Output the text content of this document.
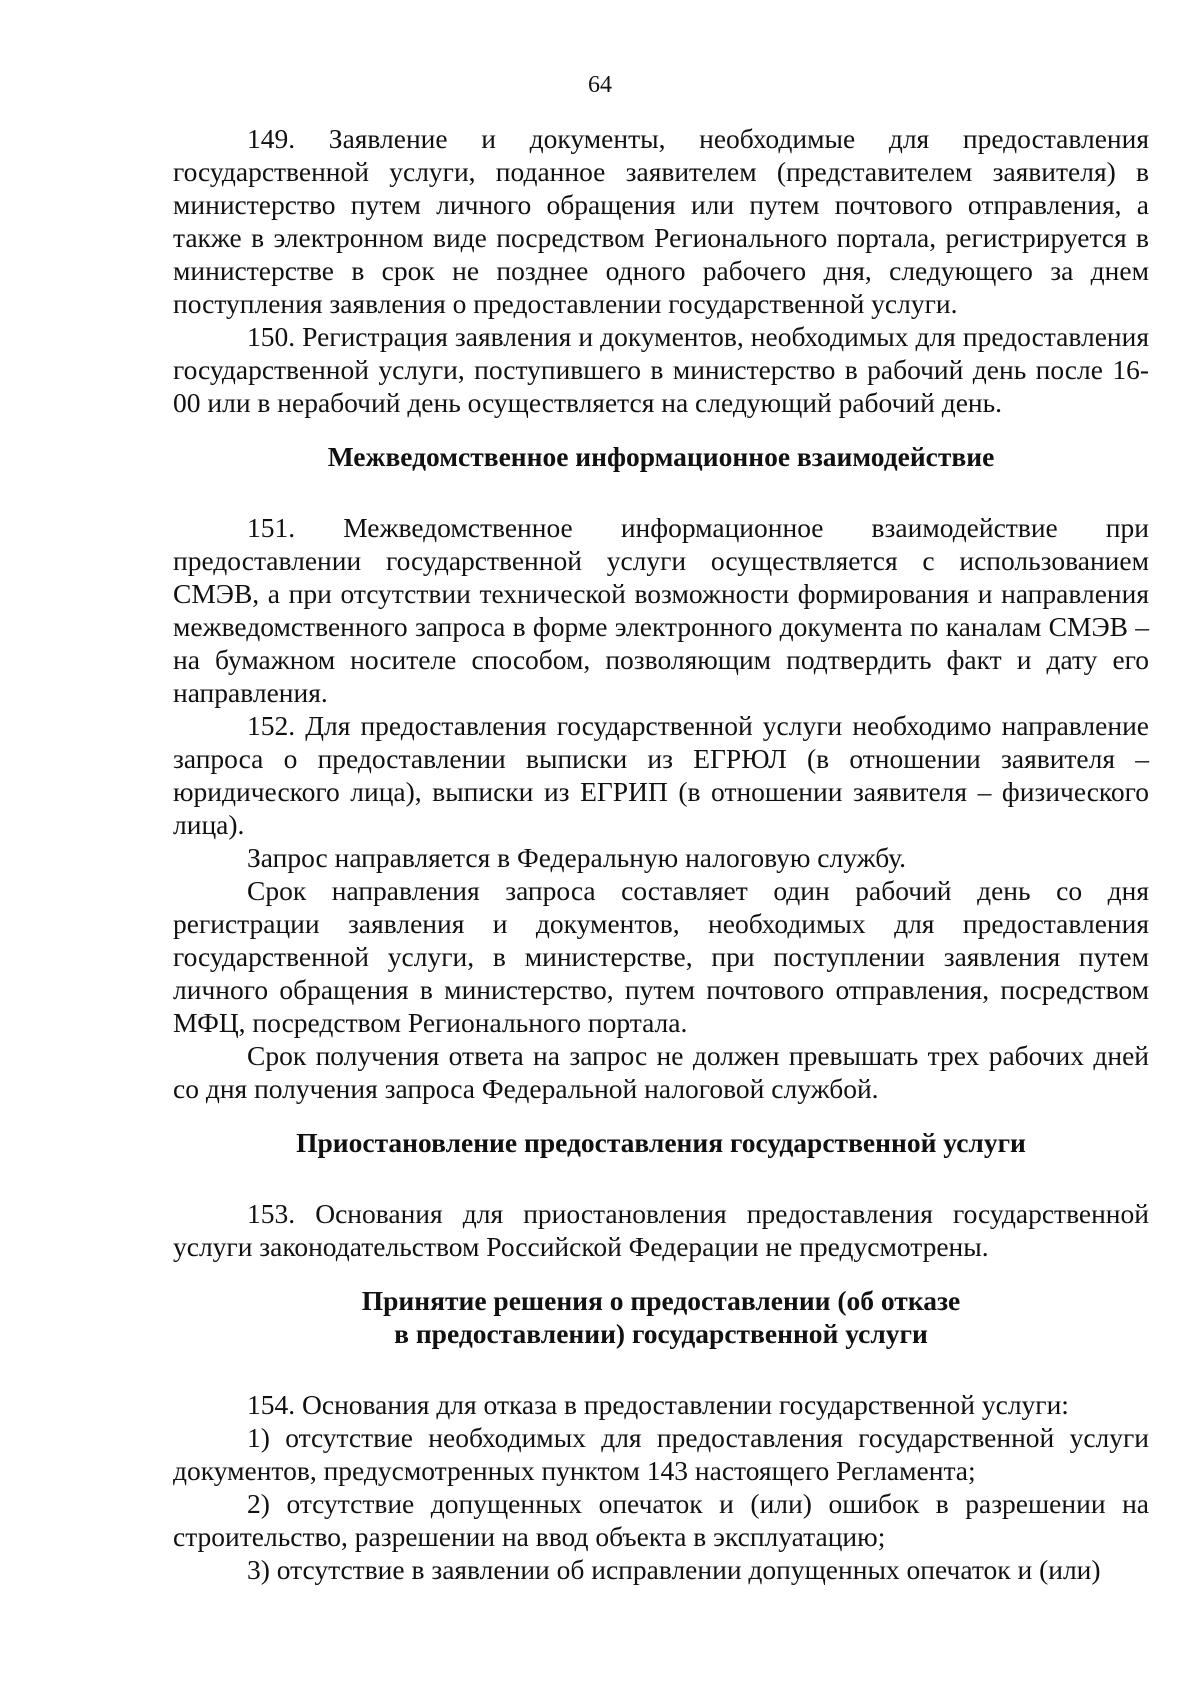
64

149. Заявление и документы, необходимые для предоставления государственной услуги, поданное заявителем (представителем заявителя) в министерство путем личного обращения или путем почтового отправления, а также в электронном виде посредством Регионального портала, регистрируется в министерстве в срок не позднее одного рабочего дня, следующего за днем поступления заявления о предоставлении государственной услуги.

150. Регистрация заявления и документов, необходимых для предоставления государственной услуги, поступившего в министерство в рабочий день после 16-00 или в нерабочий день осуществляется на следующий рабочий день.

Межведомственное информационное взаимодействие

151. Межведомственное информационное взаимодействие при предоставлении государственной услуги осуществляется с использованием СМЭВ, а при отсутствии технической возможности формирования и направления межведомственного запроса в форме электронного документа по каналам СМЭВ – на бумажном носителе способом, позволяющим подтвердить факт и дату его направления.

152. Для предоставления государственной услуги необходимо направление запроса о предоставлении выписки из ЕГРЮЛ (в отношении заявителя – юридического лица), выписки из ЕГРИП (в отношении заявителя – физического лица).

Запрос направляется в Федеральную налоговую службу.

Срок направления запроса составляет один рабочий день со дня регистрации заявления и документов, необходимых для предоставления государственной услуги, в министерстве, при поступлении заявления путем личного обращения в министерство, путем почтового отправления, посредством МФЦ, посредством Регионального портала.

Срок получения ответа на запрос не должен превышать трех рабочих дней со дня получения запроса Федеральной налоговой службой.

Приостановление предоставления государственной услуги

153. Основания для приостановления предоставления государственной услуги законодательством Российской Федерации не предусмотрены.

Принятие решения о предоставлении (об отказе
в предоставлении) государственной услуги

154. Основания для отказа в предоставлении государственной услуги:

1) отсутствие необходимых для предоставления государственной услуги документов, предусмотренных пунктом 143 настоящего Регламента;

2) отсутствие допущенных опечаток и (или) ошибок в разрешении на строительство, разрешении на ввод объекта в эксплуатацию;

3) отсутствие в заявлении об исправлении допущенных опечаток и (или)
